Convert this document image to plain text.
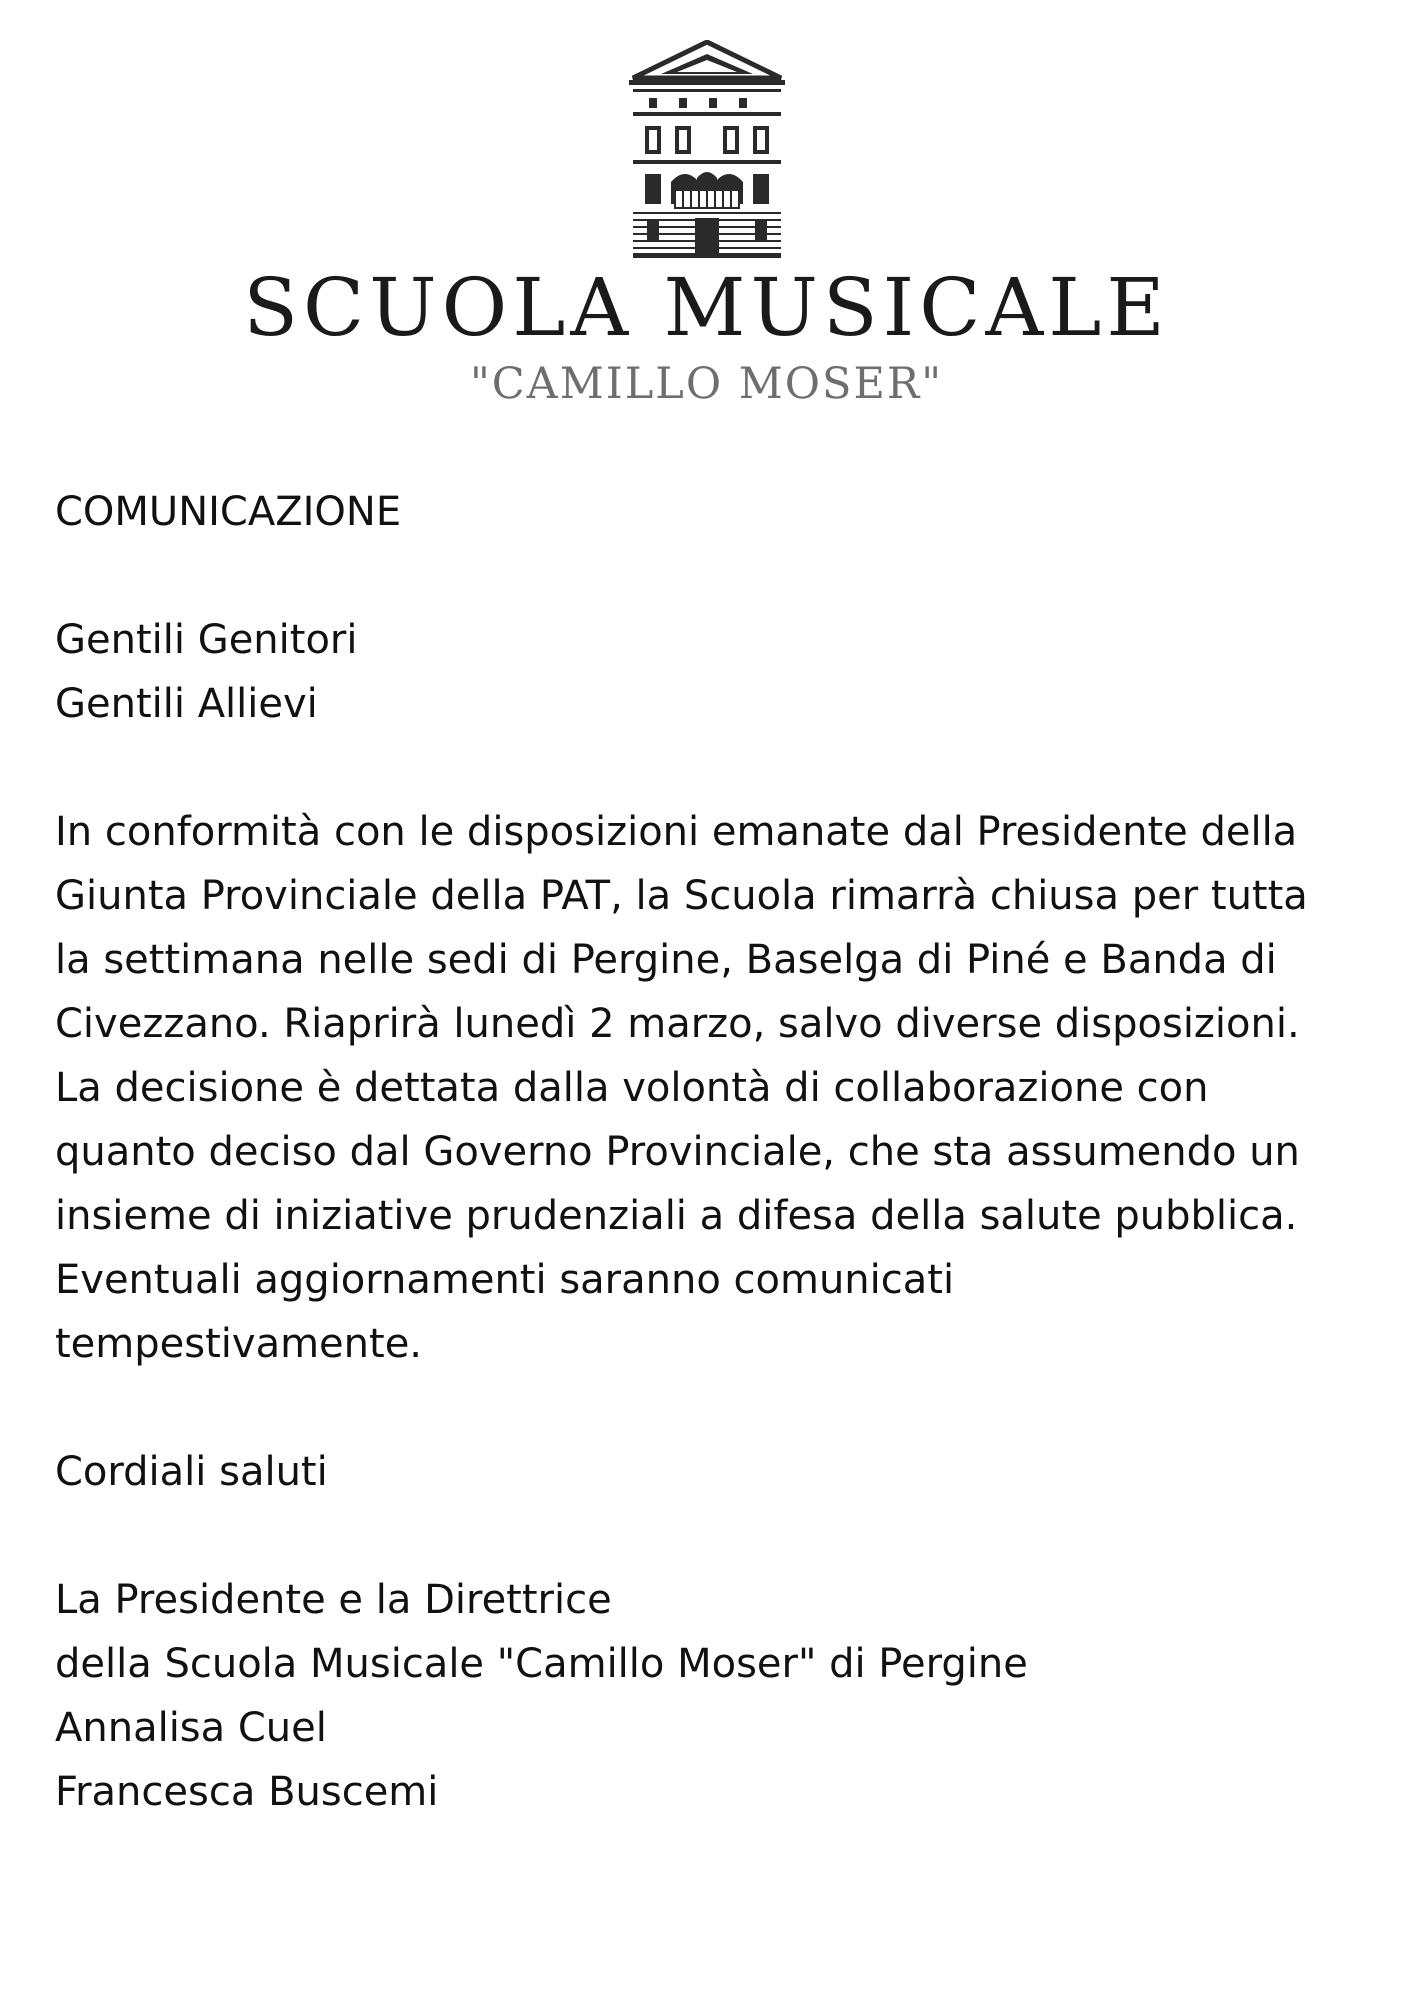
SCUOLA MUSICALE
"CAMILLO MOSER"
COMUNICAZIONE
Gentili Genitori
Gentili Allievi
In conformità con le disposizioni emanate dal Presidente della
Giunta Provinciale della PAT, la Scuola rimarrà chiusa per tutta
la settimana nelle sedi di Pergine, Baselga di Piné e Banda di
Civezzano. Riaprirà lunedì 2 marzo, salvo diverse disposizioni.
La decisione è dettata dalla volontà di collaborazione con
quanto deciso dal Governo Provinciale, che sta assumendo un
insieme di iniziative prudenziali a difesa della salute pubblica.
Eventuali aggiornamenti saranno comunicati
tempestivamente.
Cordiali saluti
La Presidente e la Direttrice
della Scuola Musicale "Camillo Moser" di Pergine
Annalisa Cuel
Francesca Buscemi
